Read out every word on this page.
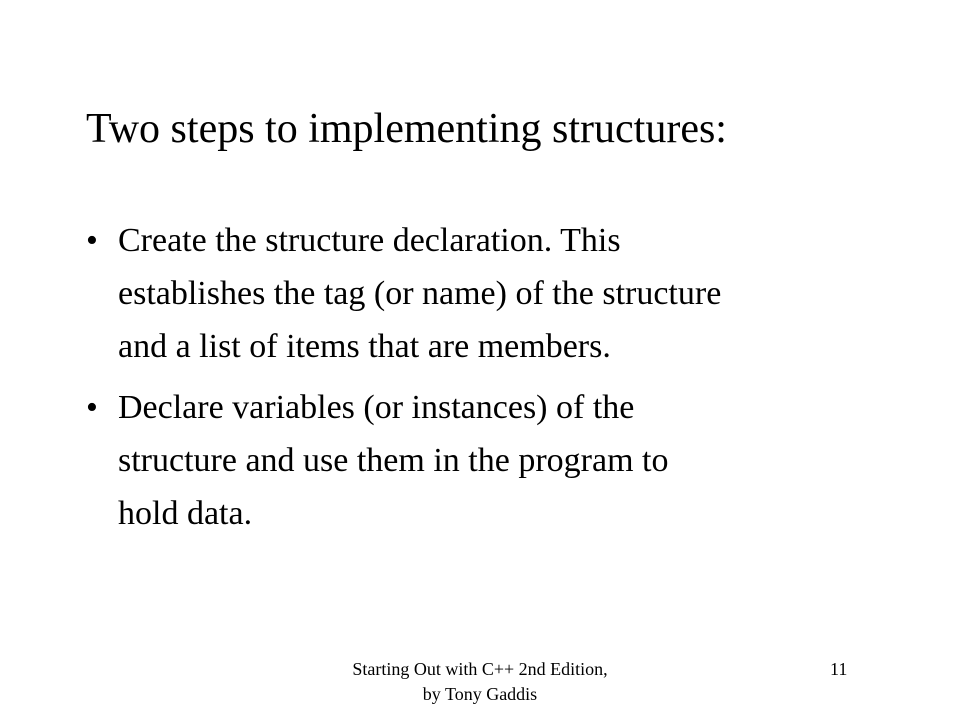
Two steps to implementing structures:
• Create the structure declaration. This
establishes the tag (or name) of the structure
and a list of items that are members.
• Declare variables (or instances) of the
structure and use them in the program to
hold data.
Starting Out with C++ 2nd Edition,
by Tony Gaddis
11
